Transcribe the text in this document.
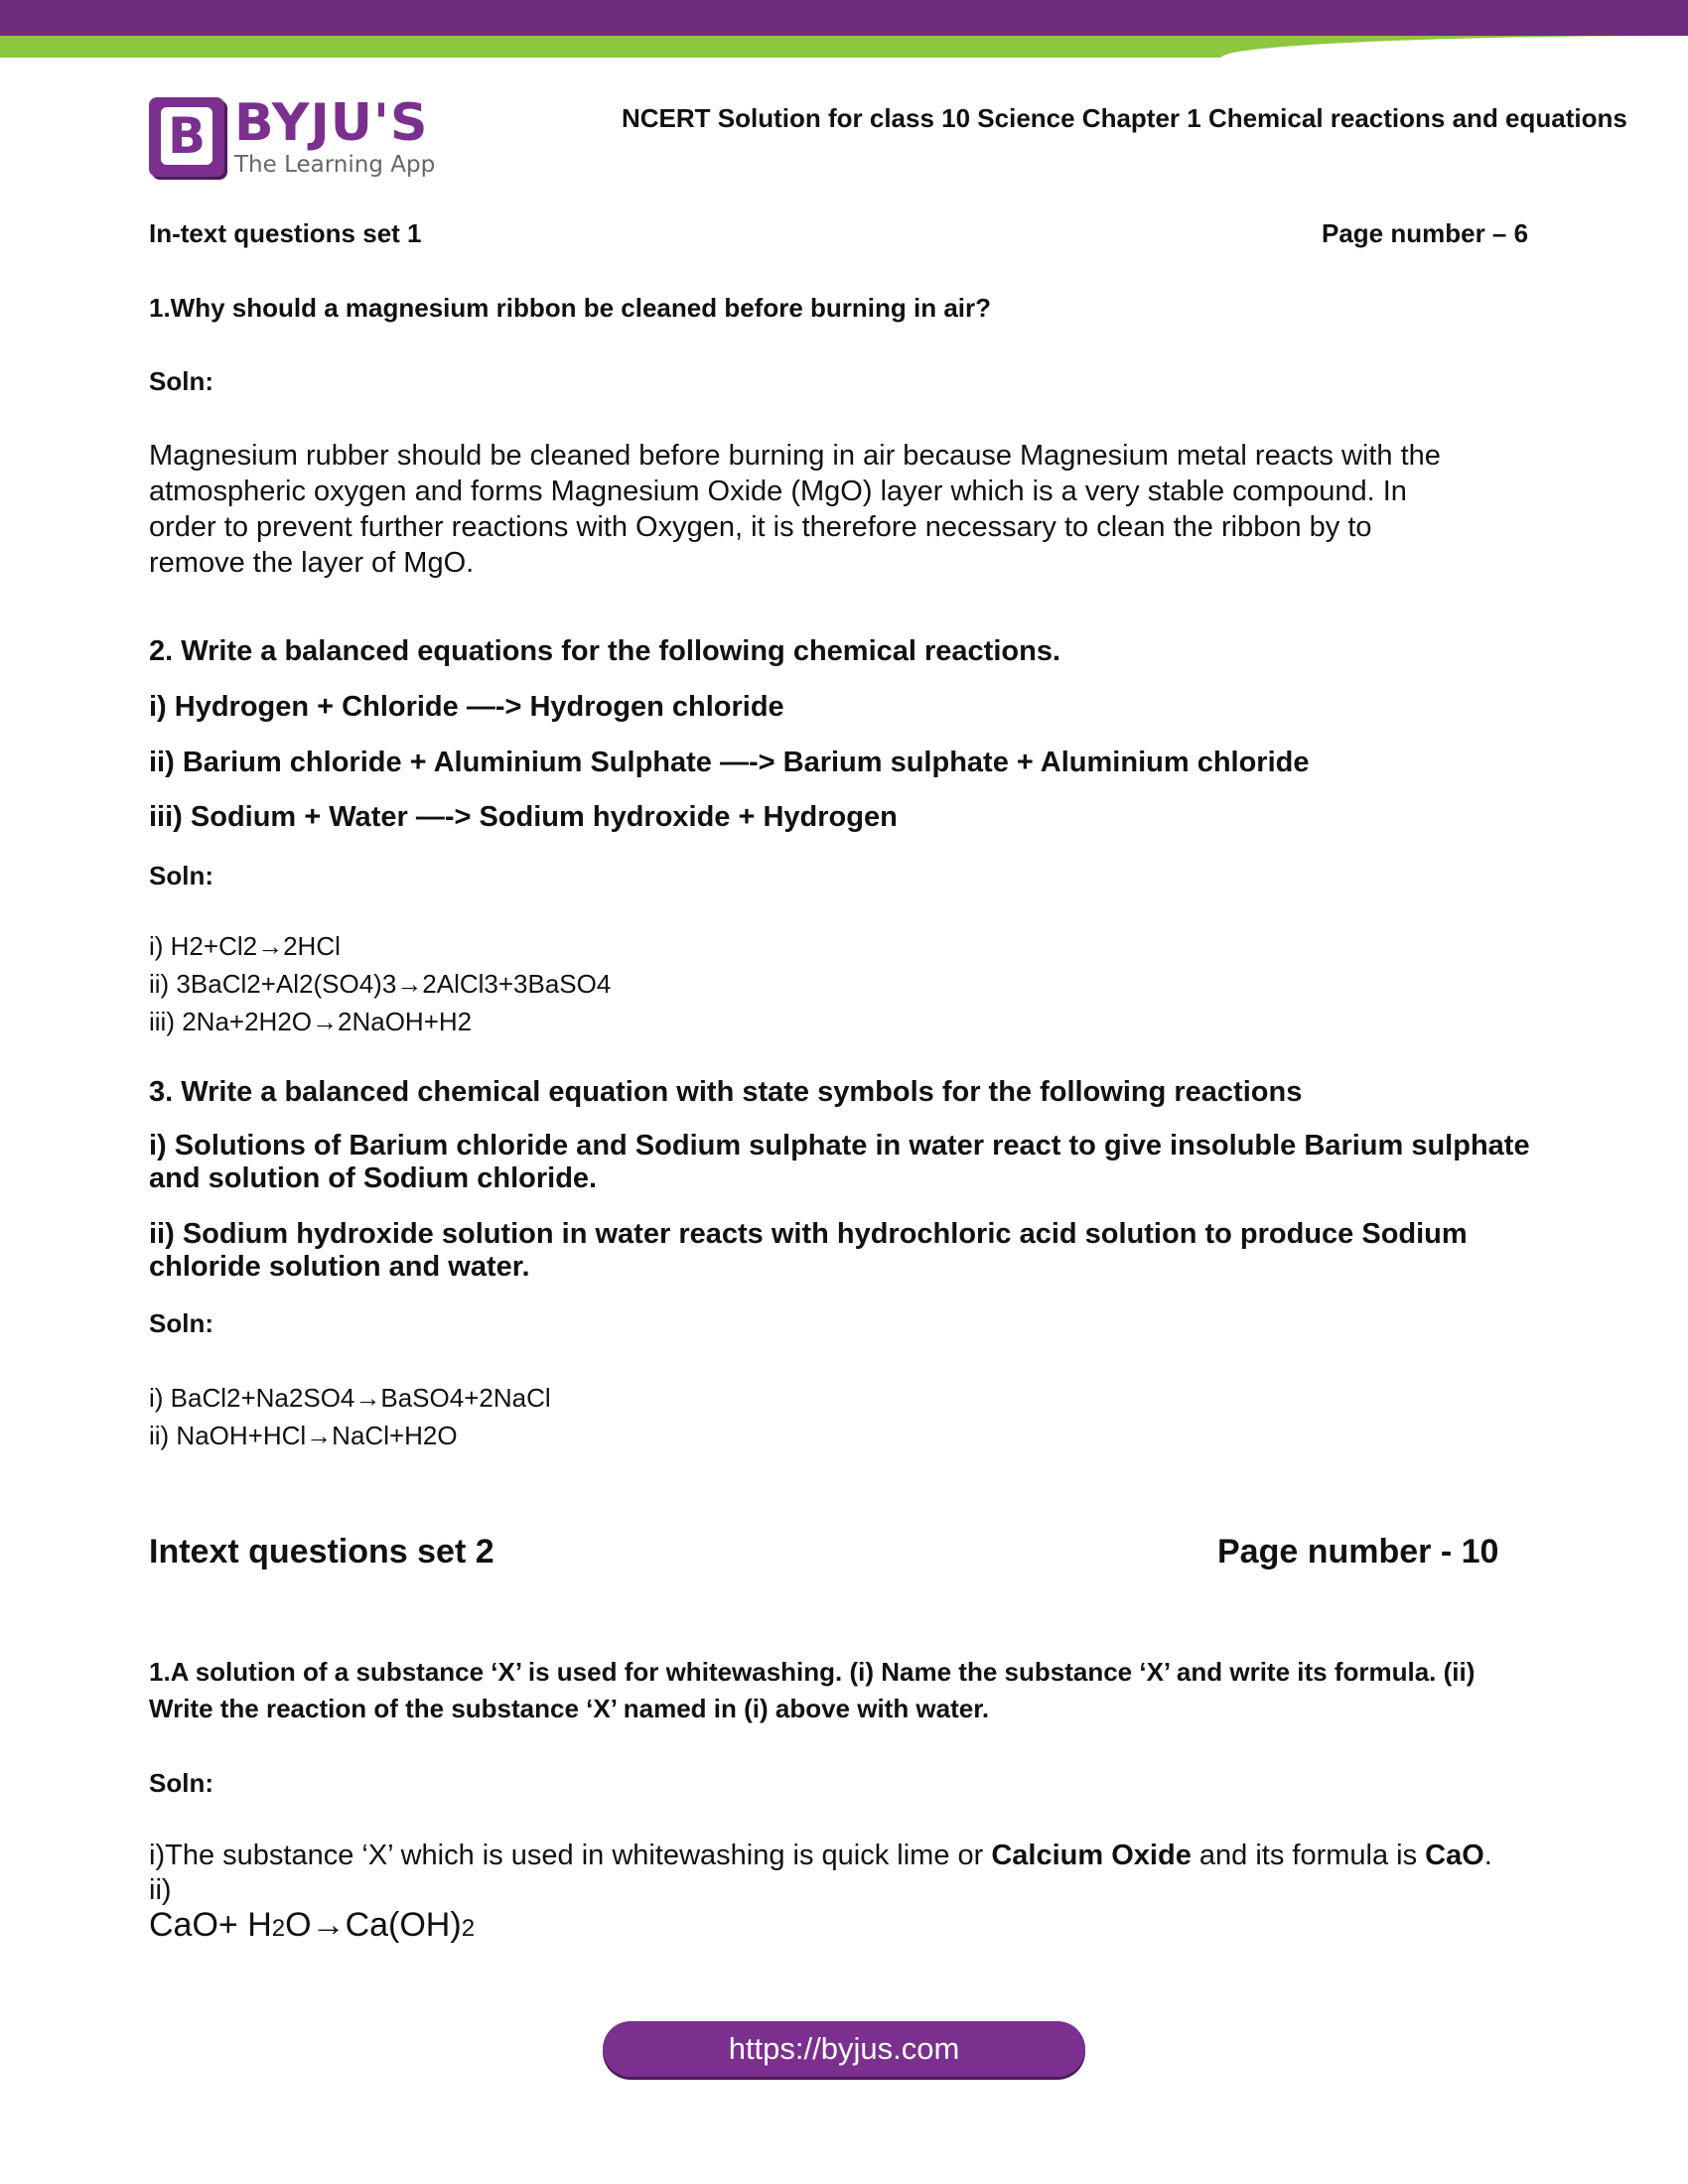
B BYJU'S
The Learning App
NCERT Solution for class 10 Science Chapter 1 Chemical reactions and equations
In-text questions set 1	Page number – 6
1.Why should a magnesium ribbon be cleaned before burning in air?
Soln:
Magnesium rubber should be cleaned before burning in air because Magnesium metal reacts with the
atmospheric oxygen and forms Magnesium Oxide (MgO) layer which is a very stable compound. In
order to prevent further reactions with Oxygen, it is therefore necessary to clean the ribbon by to
remove the layer of MgO.
2. Write a balanced equations for the following chemical reactions.
i) Hydrogen + Chloride —-> Hydrogen chloride
ii) Barium chloride + Aluminium Sulphate —-> Barium sulphate + Aluminium chloride
iii) Sodium + Water —-> Sodium hydroxide + Hydrogen
Soln:
i) H2+Cl2→2HCl
ii) 3BaCl2+Al2(SO4)3→2AlCl3+3BaSO4
iii) 2Na+2H2O→2NaOH+H2
3. Write a balanced chemical equation with state symbols for the following reactions
i) Solutions of Barium chloride and Sodium sulphate in water react to give insoluble Barium sulphate
and solution of Sodium chloride.
ii) Sodium hydroxide solution in water reacts with hydrochloric acid solution to produce Sodium
chloride solution and water.
Soln:
i) BaCl2+Na2SO4→BaSO4+2NaCl
ii) NaOH+HCl→NaCl+H2O
Intext questions set 2	Page number - 10
1.A solution of a substance ‘X’ is used for whitewashing. (i) Name the substance ‘X’ and write its formula. (ii)
Write the reaction of the substance ‘X’ named in (i) above with water.
Soln:
i)The substance ‘X’ which is used in whitewashing is quick lime or Calcium Oxide and its formula is CaO.
ii)
CaO+ H2O→Ca(OH)2
https://byjus.com
